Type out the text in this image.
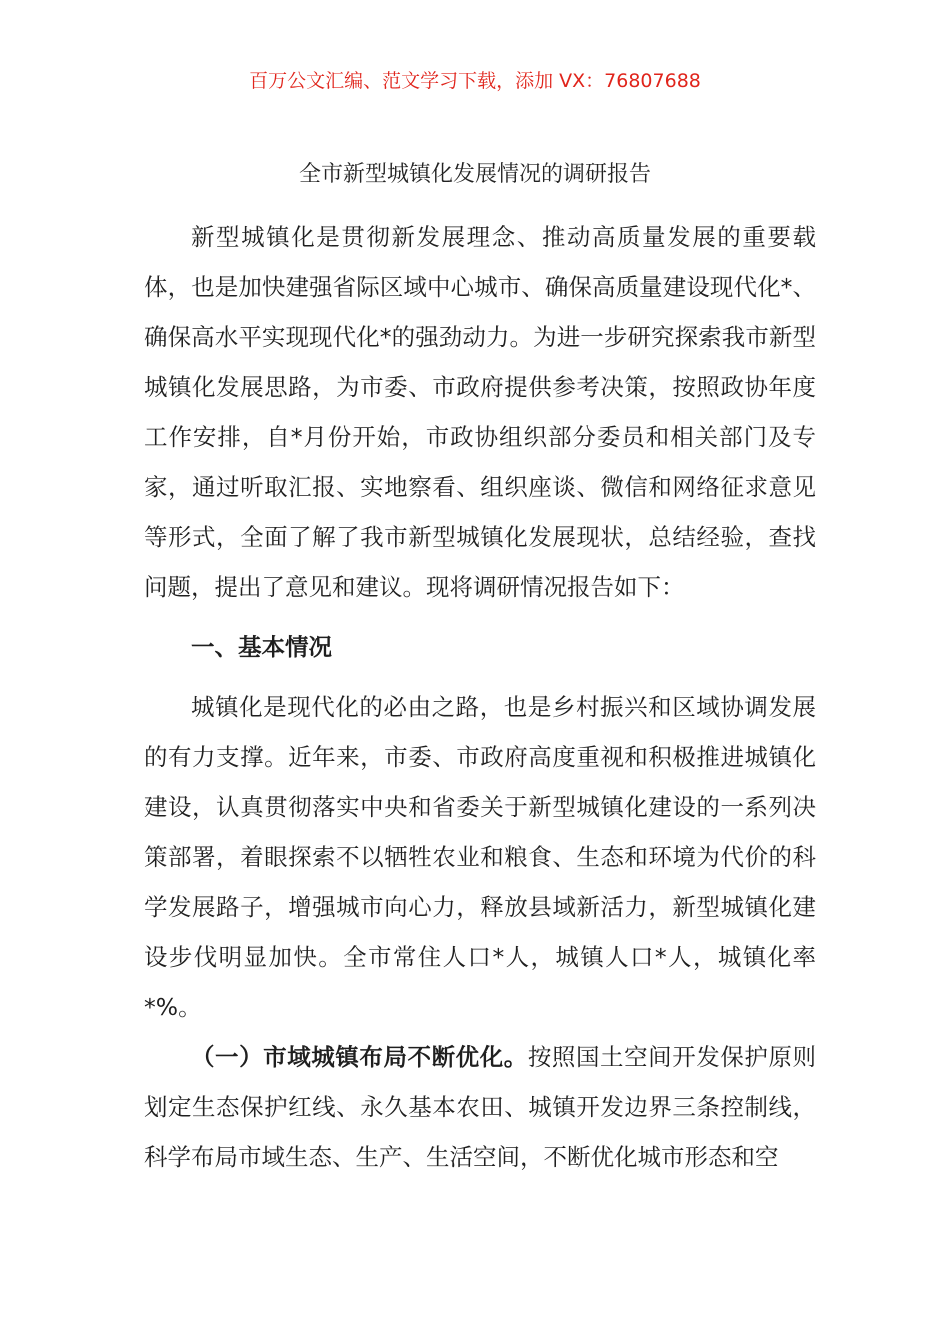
百万公文汇编、范文学习下载，添加 VX：76807688
全市新型城镇化发展情况的调研报告

新型城镇化是贯彻新发展理念、推动高质量发展的重要载体，也是加快建强省际区域中心城市、确保高质量建设现代化*、确保高水平实现现代化*的强劲动力。为进一步研究探索我市新型城镇化发展思路，为市委、市政府提供参考决策，按照政协年度工作安排，自*月份开始，市政协组织部分委员和相关部门及专家，通过听取汇报、实地察看、组织座谈、微信和网络征求意见等形式，全面了解了我市新型城镇化发展现状，总结经验，查找问题，提出了意见和建议。现将调研情况报告如下：

一、基本情况

城镇化是现代化的必由之路，也是乡村振兴和区域协调发展的有力支撑。近年来，市委、市政府高度重视和积极推进城镇化建设，认真贯彻落实中央和省委关于新型城镇化建设的一系列决策部署，着眼探索不以牺牲农业和粮食、生态和环境为代价的科学发展路子，增强城市向心力，释放县域新活力，新型城镇化建设步伐明显加快。全市常住人口*人，城镇人口*人，城镇化率*%。

（一）市域城镇布局不断优化。按照国土空间开发保护原则划定生态保护红线、永久基本农田、城镇开发边界三条控制线，科学布局市域生态、生产、生活空间，不断优化城市形态和空
